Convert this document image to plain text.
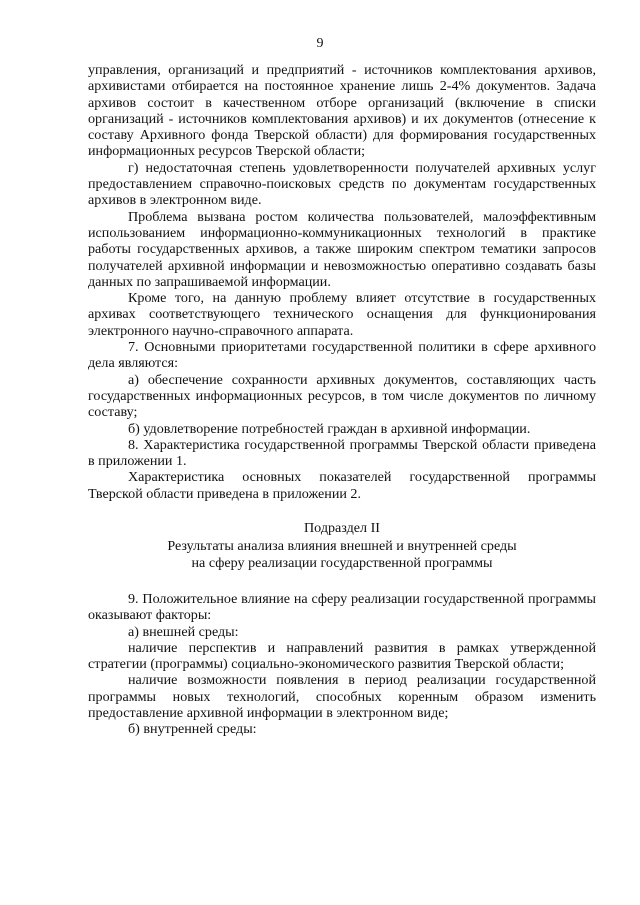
9

управления, организаций и предприятий - источников комплектования архивов, архивистами отбирается на постоянное хранение лишь 2-4% документов. Задача архивов состоит в качественном отборе организаций (включение в списки организаций - источников комплектования архивов) и их документов (отнесение к составу Архивного фонда Тверской области) для формирования государственных информационных ресурсов Тверской области;

г) недостаточная степень удовлетворенности получателей архивных услуг предоставлением справочно-поисковых средств по документам государственных архивов в электронном виде.

Проблема вызвана ростом количества пользователей, малоэффективным использованием информационно-коммуникационных технологий в практике работы государственных архивов, а также широким спектром тематики запросов получателей архивной информации и невозможностью оперативно создавать базы данных по запрашиваемой информации.

Кроме того, на данную проблему влияет отсутствие в государственных архивах соответствующего технического оснащения для функционирования электронного научно-справочного аппарата.

7. Основными приоритетами государственной политики в сфере архивного дела являются:

а) обеспечение сохранности архивных документов, составляющих часть государственных информационных ресурсов, в том числе документов по личному составу;

б) удовлетворение потребностей граждан в архивной информации.

8. Характеристика государственной программы Тверской области приведена в приложении 1.

Характеристика основных показателей государственной программы Тверской области приведена в приложении 2.

Подраздел II

Результаты анализа влияния внешней и внутренней среды

на сферу реализации государственной программы

9. Положительное влияние на сферу реализации государственной программы оказывают факторы:

а) внешней среды:

наличие перспектив и направлений развития в рамках утвержденной стратегии (программы) социально-экономического развития Тверской области;

наличие возможности появления в период реализации государственной программы новых технологий, способных коренным образом изменить предоставление архивной информации в электронном виде;

б) внутренней среды:
